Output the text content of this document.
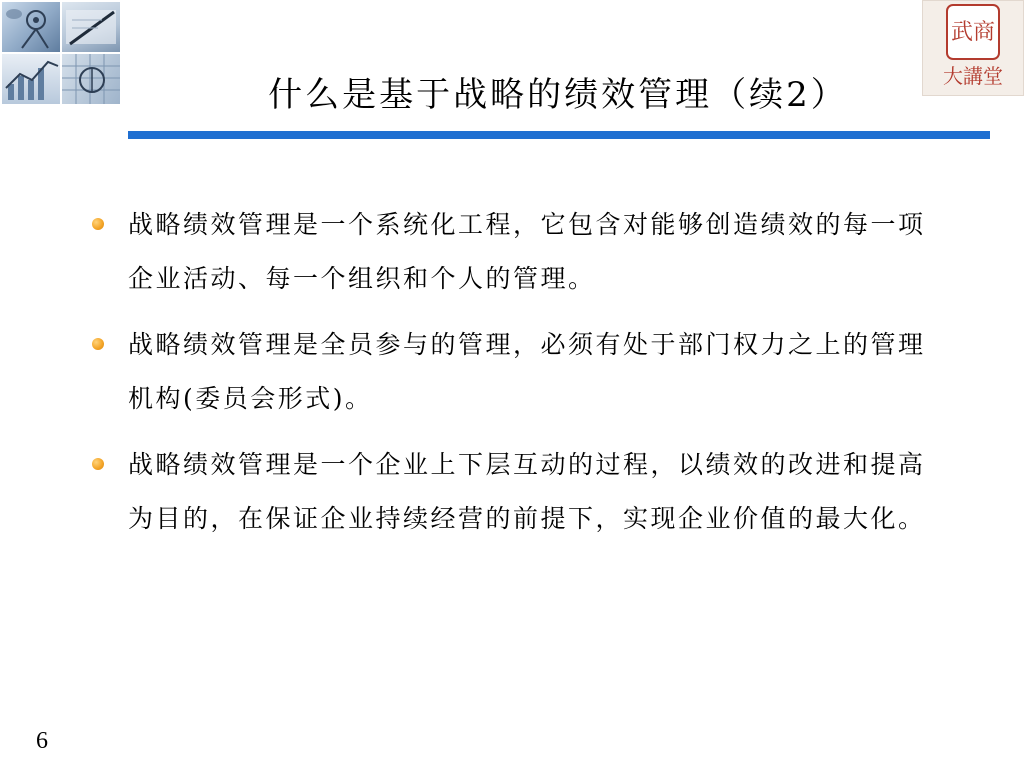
武商
大講堂
什么是基于战略的绩效管理（续2）
战略绩效管理是一个系统化工程，它包含对能够创造绩效的每一项企业活动、每一个组织和个人的管理。
战略绩效管理是全员参与的管理，必须有处于部门权力之上的管理机构(委员会形式)。
战略绩效管理是一个企业上下层互动的过程，以绩效的改进和提高为目的，在保证企业持续经营的前提下，实现企业价值的最大化。
6
